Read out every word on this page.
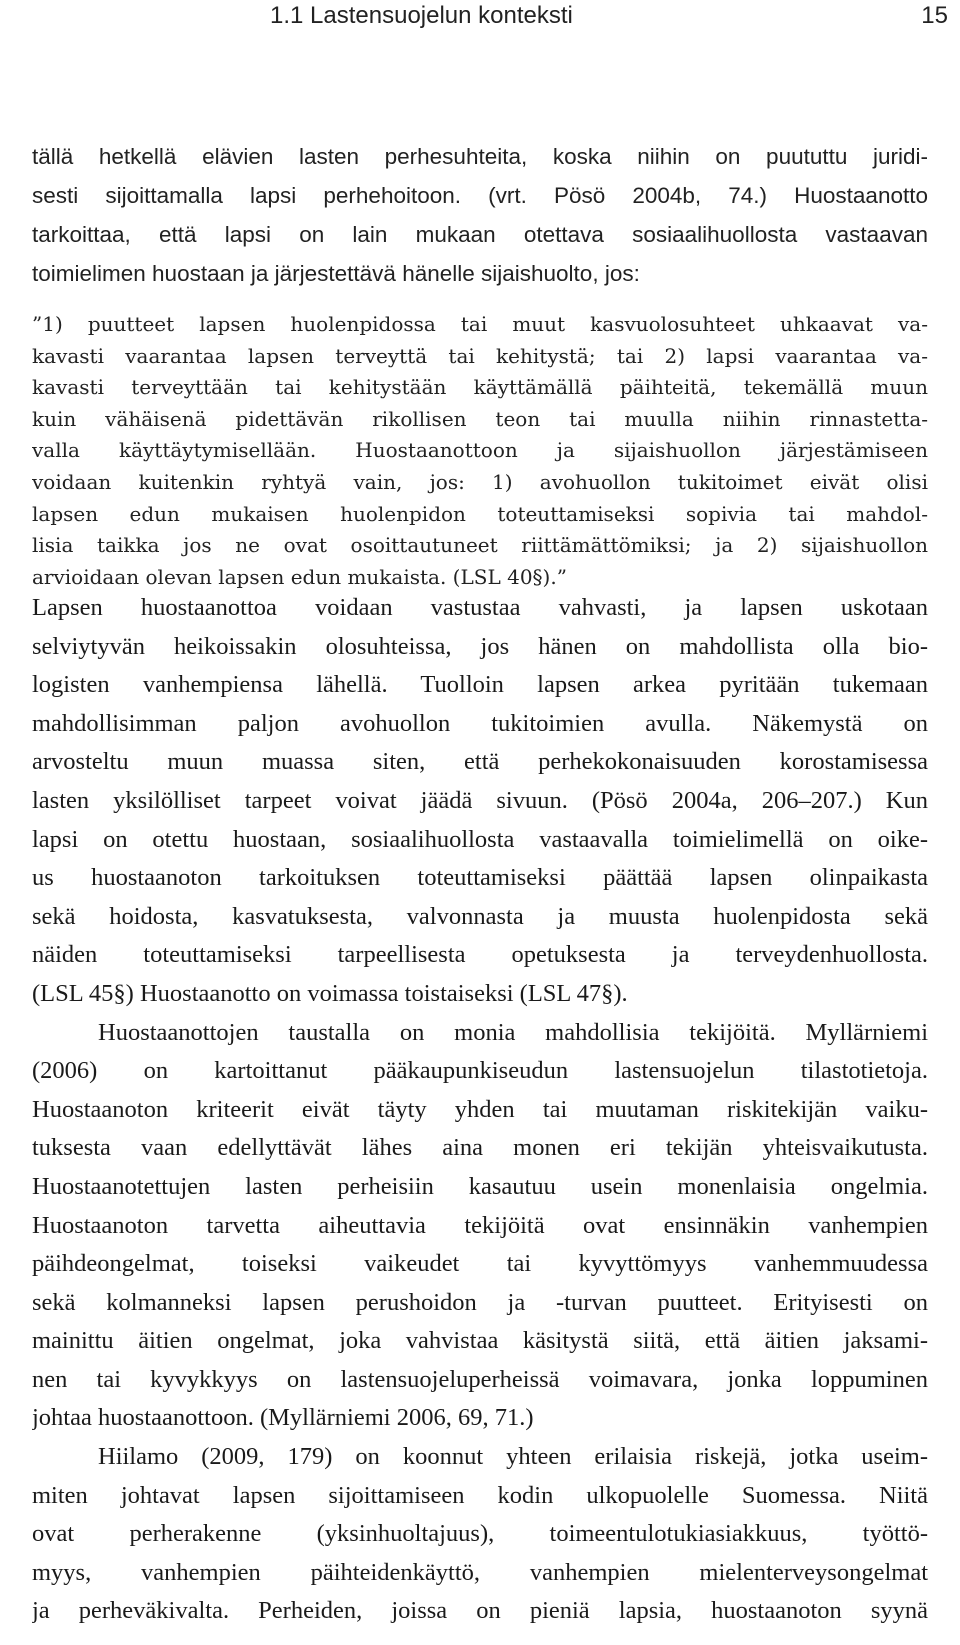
1.1 Lastensuojelun konteksti	15
tällä hetkellä elävien lasten perhesuhteita, koska niihin on puututtu juridi-
sesti sijoittamalla lapsi perhehoitoon. (vrt. Pösö 2004b, 74.) Huostaanotto
tarkoittaa, että lapsi on lain mukaan otettava sosiaalihuollosta vastaavan
toimielimen huostaan ja järjestettävä hänelle sijaishuolto, jos:
”1) puutteet lapsen huolenpidossa tai muut kasvuolosuhteet uhkaavat va-
kavasti vaarantaa lapsen terveyttä tai kehitystä; tai 2) lapsi vaarantaa va-
kavasti terveyttään tai kehitystään käyttämällä päihteitä, tekemällä muun
kuin vähäisenä pidettävän rikollisen teon tai muulla niihin rinnastetta-
valla käyttäytymisellään. Huostaanottoon ja sijaishuollon järjestämiseen
voidaan kuitenkin ryhtyä vain, jos: 1) avohuollon tukitoimet eivät olisi
lapsen edun mukaisen huolenpidon toteuttamiseksi sopivia tai mahdol-
lisia taikka jos ne ovat osoittautuneet riittämättömiksi; ja 2) sijaishuollon
arvioidaan olevan lapsen edun mukaista. (LSL 40§).”
Lapsen huostaanottoa voidaan vastustaa vahvasti, ja lapsen uskotaan
selviytyvän heikoissakin olosuhteissa, jos hänen on mahdollista olla bio-
logisten vanhempiensa lähellä. Tuolloin lapsen arkea pyritään tukemaan
mahdollisimman paljon avohuollon tukitoimien avulla. Näkemystä on
arvosteltu muun muassa siten, että perhekokonaisuuden korostamisessa
lasten yksilölliset tarpeet voivat jäädä sivuun. (Pösö 2004a, 206–207.) Kun
lapsi on otettu huostaan, sosiaalihuollosta vastaavalla toimielimellä on oike-
us huostaanoton tarkoituksen toteuttamiseksi päättää lapsen olinpaikasta
sekä hoidosta, kasvatuksesta, valvonnasta ja muusta huolenpidosta sekä
näiden toteuttamiseksi tarpeellisesta opetuksesta ja terveydenhuollosta.
(LSL 45§) Huostaanotto on voimassa toistaiseksi (LSL 47§).
Huostaanottojen taustalla on monia mahdollisia tekijöitä. Myllärniemi
(2006) on kartoittanut pääkaupunkiseudun lastensuojelun tilastotietoja.
Huostaanoton kriteerit eivät täyty yhden tai muutaman riskitekijän vaiku-
tuksesta vaan edellyttävät lähes aina monen eri tekijän yhteisvaikutusta.
Huostaanotettujen lasten perheisiin kasautuu usein monenlaisia ongelmia.
Huostaanoton tarvetta aiheuttavia tekijöitä ovat ensinnäkin vanhempien
päihdeongelmat, toiseksi vaikeudet tai kyvyttömyys vanhemmuudessa
sekä kolmanneksi lapsen perushoidon ja -turvan puutteet. Erityisesti on
mainittu äitien ongelmat, joka vahvistaa käsitystä siitä, että äitien jaksami-
nen tai kyvykkyys on lastensuojeluperheissä voimavara, jonka loppuminen
johtaa huostaanottoon. (Myllärniemi 2006, 69, 71.)
Hiilamo (2009, 179) on koonnut yhteen erilaisia riskejä, jotka useim-
miten johtavat lapsen sijoittamiseen kodin ulkopuolelle Suomessa. Niitä
ovat perherakenne (yksinhuoltajuus), toimeentulotukiasiakkuus, työttö-
myys, vanhempien päihteidenkäyttö, vanhempien mielenterveysongelmat
ja perheväkivalta. Perheiden, joissa on pieniä lapsia, huostaanoton syynä
